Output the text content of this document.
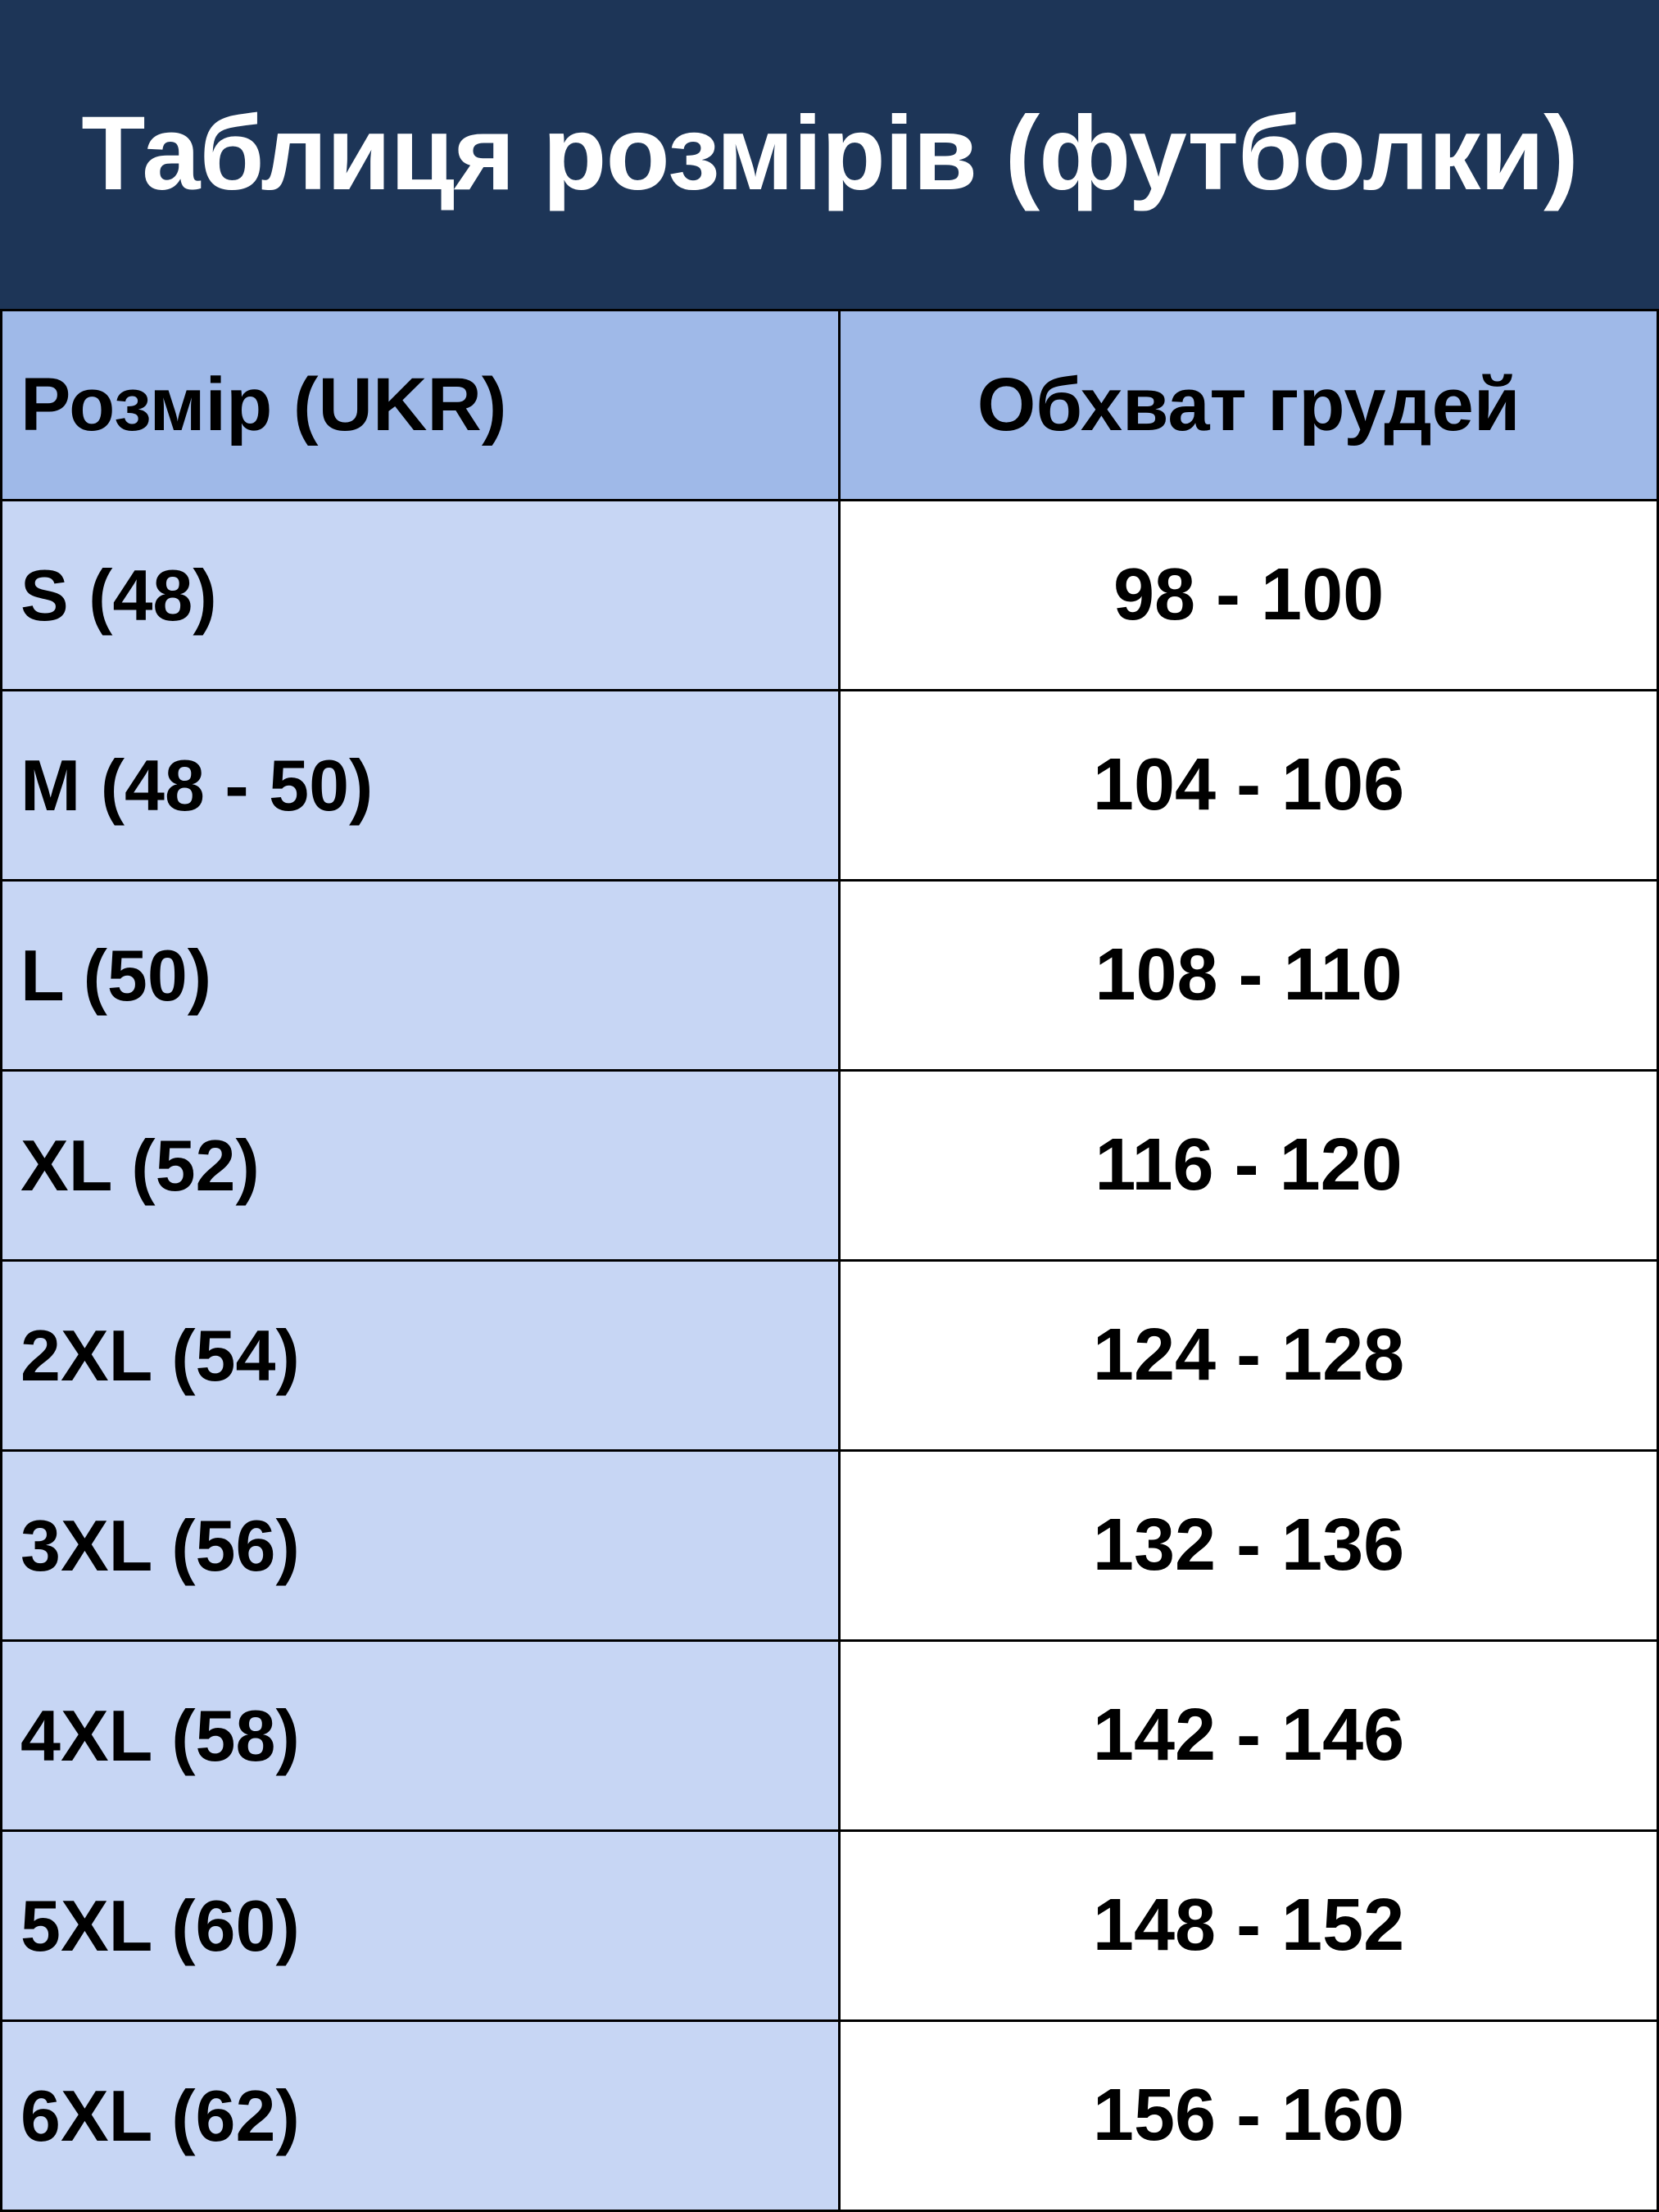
Таблиця розмірів (футболки)
Розмір (UKR)	Обхват грудей
S (48)	98 - 100
M (48 - 50)	104 - 106
L (50)	108 - 110
XL (52)	116 - 120
2XL (54)	124 - 128
3XL (56)	132 - 136
4XL (58)	142 - 146
5XL (60)	148 - 152
6XL (62)	156 - 160
